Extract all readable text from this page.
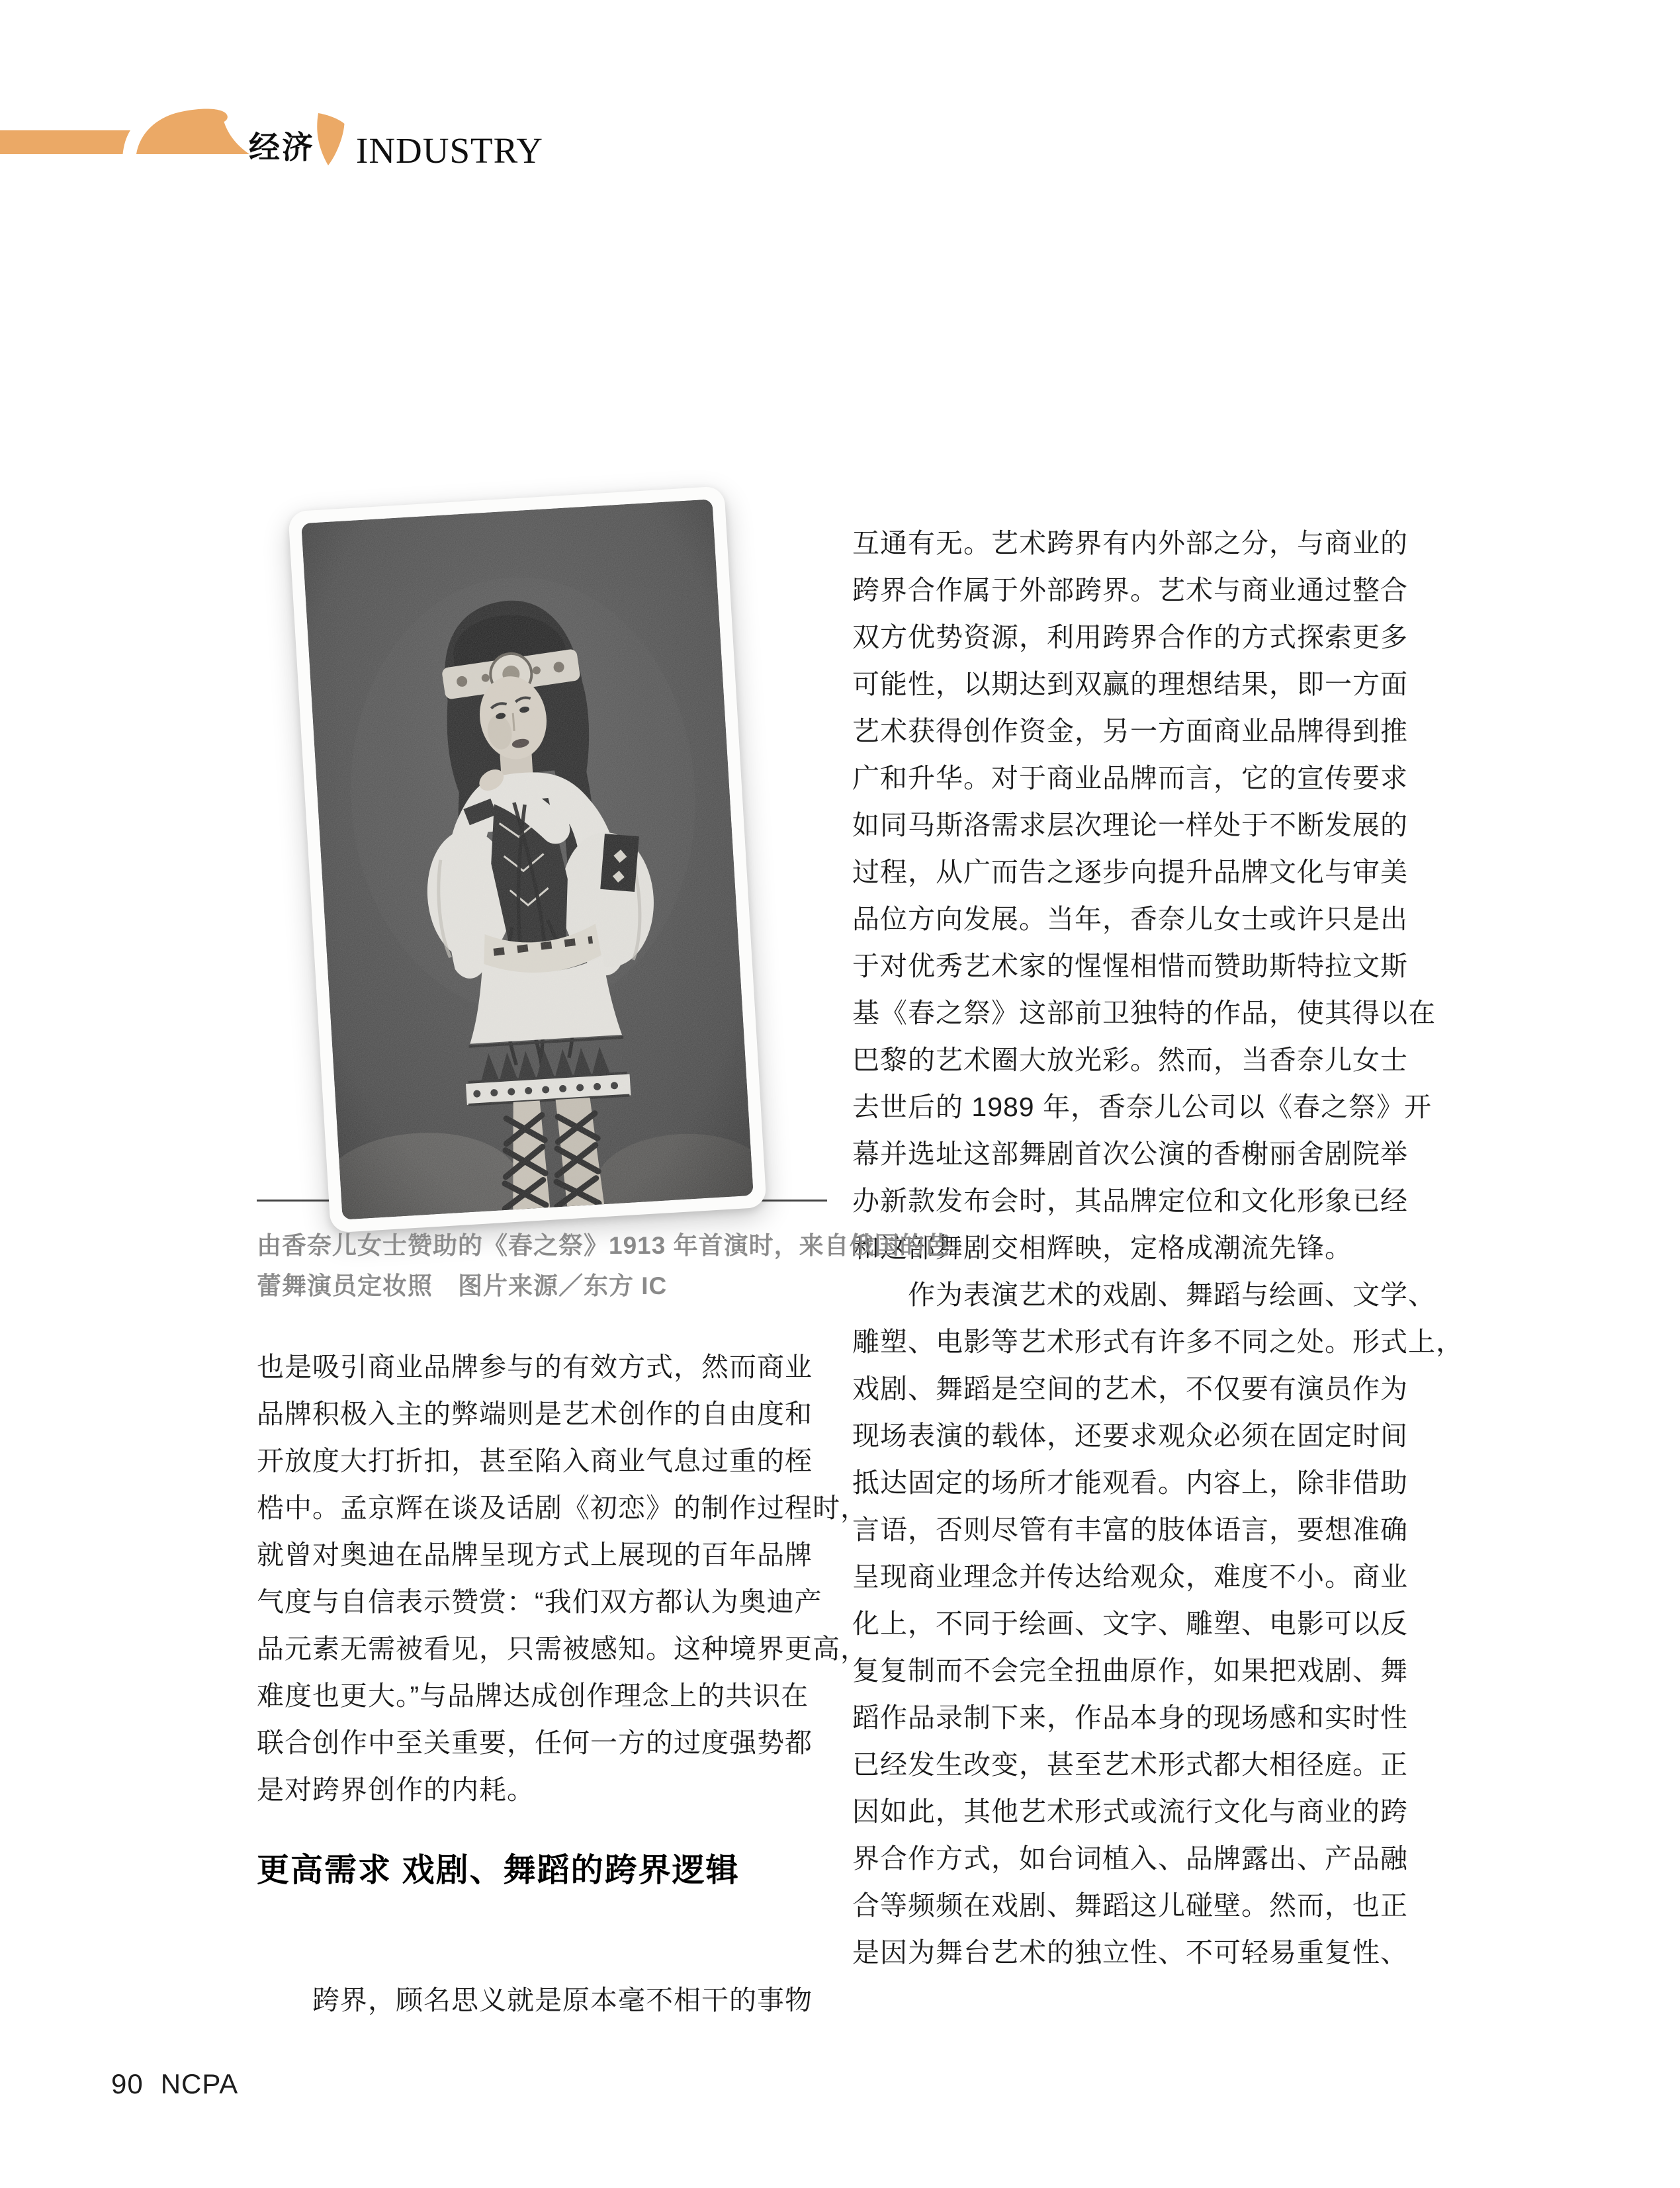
经济 INDUSTRY
由香奈儿女士赞助的《春之祭》1913 年首演时，来自俄国的芭
蕾舞演员定妆照　图片来源／东方 IC
也是吸引商业品牌参与的有效方式，然而商业
品牌积极入主的弊端则是艺术创作的自由度和
开放度大打折扣，甚至陷入商业气息过重的桎
梏中。孟京辉在谈及话剧《初恋》的制作过程时，
就曾对奥迪在品牌呈现方式上展现的百年品牌
气度与自信表示赞赏：“我们双方都认为奥迪产
品元素无需被看见，只需被感知。这种境界更高，
难度也更大。”与品牌达成创作理念上的共识在
联合创作中至关重要，任何一方的过度强势都
是对跨界创作的内耗。
更高需求 戏剧、舞蹈的跨界逻辑
　　跨界，顾名思义就是原本毫不相干的事物
互通有无。艺术跨界有内外部之分，与商业的
跨界合作属于外部跨界。艺术与商业通过整合
双方优势资源，利用跨界合作的方式探索更多
可能性，以期达到双赢的理想结果，即一方面
艺术获得创作资金，另一方面商业品牌得到推
广和升华。对于商业品牌而言，它的宣传要求
如同马斯洛需求层次理论一样处于不断发展的
过程，从广而告之逐步向提升品牌文化与审美
品位方向发展。当年，香奈儿女士或许只是出
于对优秀艺术家的惺惺相惜而赞助斯特拉文斯
基《春之祭》这部前卫独特的作品，使其得以在
巴黎的艺术圈大放光彩。然而，当香奈儿女士
去世后的 1989 年，香奈儿公司以《春之祭》开
幕并选址这部舞剧首次公演的香榭丽舍剧院举
办新款发布会时，其品牌定位和文化形象已经
和这部舞剧交相辉映，定格成潮流先锋。
　　作为表演艺术的戏剧、舞蹈与绘画、文学、
雕塑、电影等艺术形式有许多不同之处。形式上，
戏剧、舞蹈是空间的艺术，不仅要有演员作为
现场表演的载体，还要求观众必须在固定时间
抵达固定的场所才能观看。内容上，除非借助
言语，否则尽管有丰富的肢体语言，要想准确
呈现商业理念并传达给观众，难度不小。商业
化上，不同于绘画、文字、雕塑、电影可以反
复复制而不会完全扭曲原作，如果把戏剧、舞
蹈作品录制下来，作品本身的现场感和实时性
已经发生改变，甚至艺术形式都大相径庭。正
因如此，其他艺术形式或流行文化与商业的跨
界合作方式，如台词植入、品牌露出、产品融
合等频频在戏剧、舞蹈这儿碰壁。然而，也正
是因为舞台艺术的独立性、不可轻易重复性、
90 NCPA
